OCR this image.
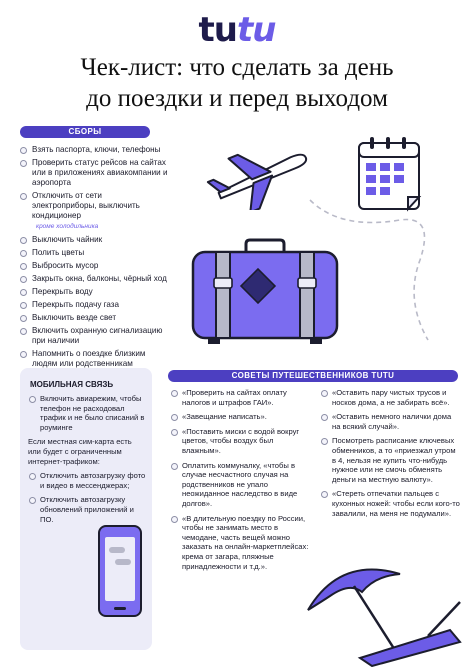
tutu
Чек-лист: что сделать за день
до поездки и перед выходом
СБОРЫ
Взять паспорта, ключи, телефоны
Проверить статус рейсов на сайтах или в приложениях авиакомпании и аэропорта
Отключить от сети электроприборы, выключить кондиционер
кроме холодильника
Выключить чайник
Полить цветы
Выбросить мусор
Закрыть окна, балконы, чёрный ход
Перекрыть воду
Перекрыть подачу газа
Выключить везде свет
Включить охранную сигнализацию при наличии
Напомнить о поездке близким людям или родственникам
МОБИЛЬНАЯ СВЯЗЬ
Включить авиарежим, чтобы телефон не расходовал трафик и не было списаний в роуминге
Если местная сим-карта есть или будет с ограниченным интернет-трафиком:
Отключить автозагрузку фото и видео в мессенджерах;
Отключить автозагрузку обновлений приложений и ПО.
СОВЕТЫ ПУТЕШЕСТВЕННИКОВ TUTU
«Проверить на сайтах оплату налогов и штрафов ГАИ».
«Завещание написать».
«Поставить миски с водой вокруг цветов, чтобы воздух был влажным».
Оплатить коммуналку, «чтобы в случае несчастного случая на родственников не упало неожиданное наследство в виде долгов».
«В длительную поездку по России, чтобы не занимать место в чемодане, часть вещей можно заказать на онлайн-маркетплейсах: крема от загара, пляжные принадлежности и т.д.».
«Оставить пару чистых трусов и носков дома, а не забирать всё».
«Оставить немного налички дома на всякий случай».
Посмотреть расписание ключевых обменников, а то «приезжал утром в 4, нельзя не купить что-нибудь нужное или не смочь обменять деньги на местную валюту».
«Стереть отпечатки пальцев с кухонных ножей: чтобы если кого-то завалили, на меня не подумали».
